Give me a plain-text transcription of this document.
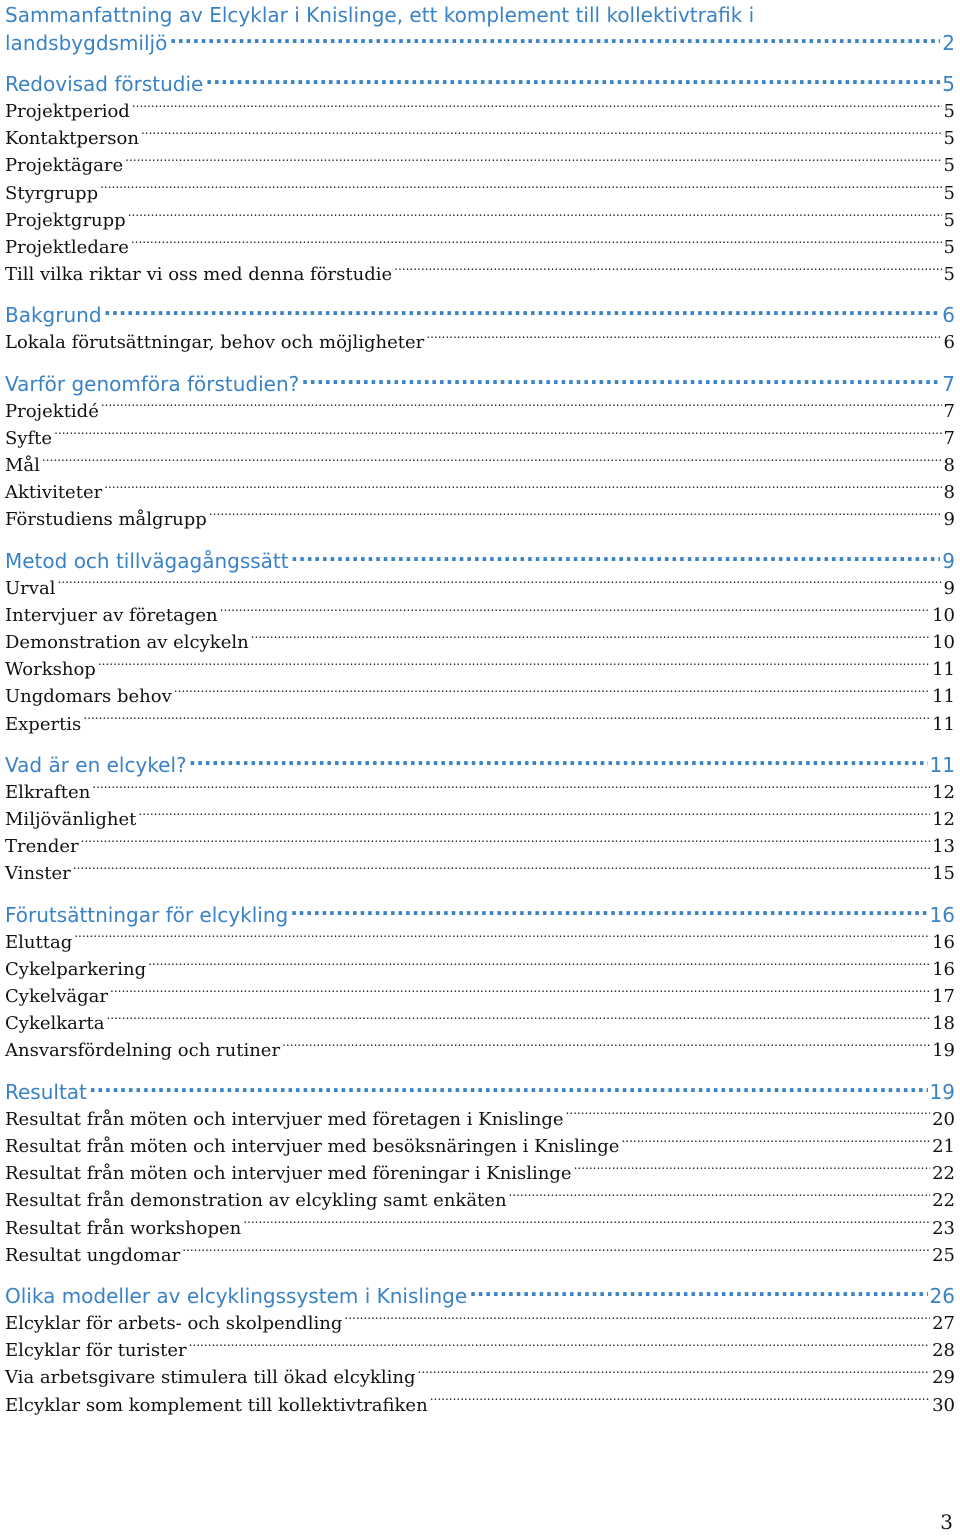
Sammanfattning av Elcyklar i Knislinge, ett komplement till kollektivtrafik i
landsbygdsmiljö .....	2
Redovisad förstudie .....	5
Projektperiod .....	5
Kontaktperson .....	5
Projektägare .....	5
Styrgrupp .....	5
Projektgrupp .....	5
Projektledare .....	5
Till vilka riktar vi oss med denna förstudie .....	5
Bakgrund .....	6
Lokala förutsättningar, behov och möjligheter .....	6
Varför genomföra förstudien? .....	7
Projektidé .....	7
Syfte .....	7
Mål .....	8
Aktiviteter .....	8
Förstudiens målgrupp .....	9
Metod och tillvägagångssätt .....	9
Urval .....	9
Intervjuer av företagen .....	10
Demonstration av elcykeln .....	10
Workshop .....	11
Ungdomars behov .....	11
Expertis .....	11
Vad är en elcykel? .....	11
Elkraften .....	12
Miljövänlighet .....	12
Trender .....	13
Vinster .....	15
Förutsättningar för elcykling .....	16
Eluttag .....	16
Cykelparkering .....	16
Cykelvägar .....	17
Cykelkarta .....	18
Ansvarsfördelning och rutiner .....	19
Resultat .....	19
Resultat från möten och intervjuer med företagen i Knislinge .....	20
Resultat från möten och intervjuer med besöksnäringen i Knislinge .....	21
Resultat från möten och intervjuer med föreningar i Knislinge .....	22
Resultat från demonstration av elcykling samt enkäten .....	22
Resultat från workshopen .....	23
Resultat ungdomar .....	25
Olika modeller av elcyklingssystem i Knislinge .....	26
Elcyklar för arbets- och skolpendling .....	27
Elcyklar för turister .....	28
Via arbetsgivare stimulera till ökad elcykling .....	29
Elcyklar som komplement till kollektivtrafiken .....	30
3
